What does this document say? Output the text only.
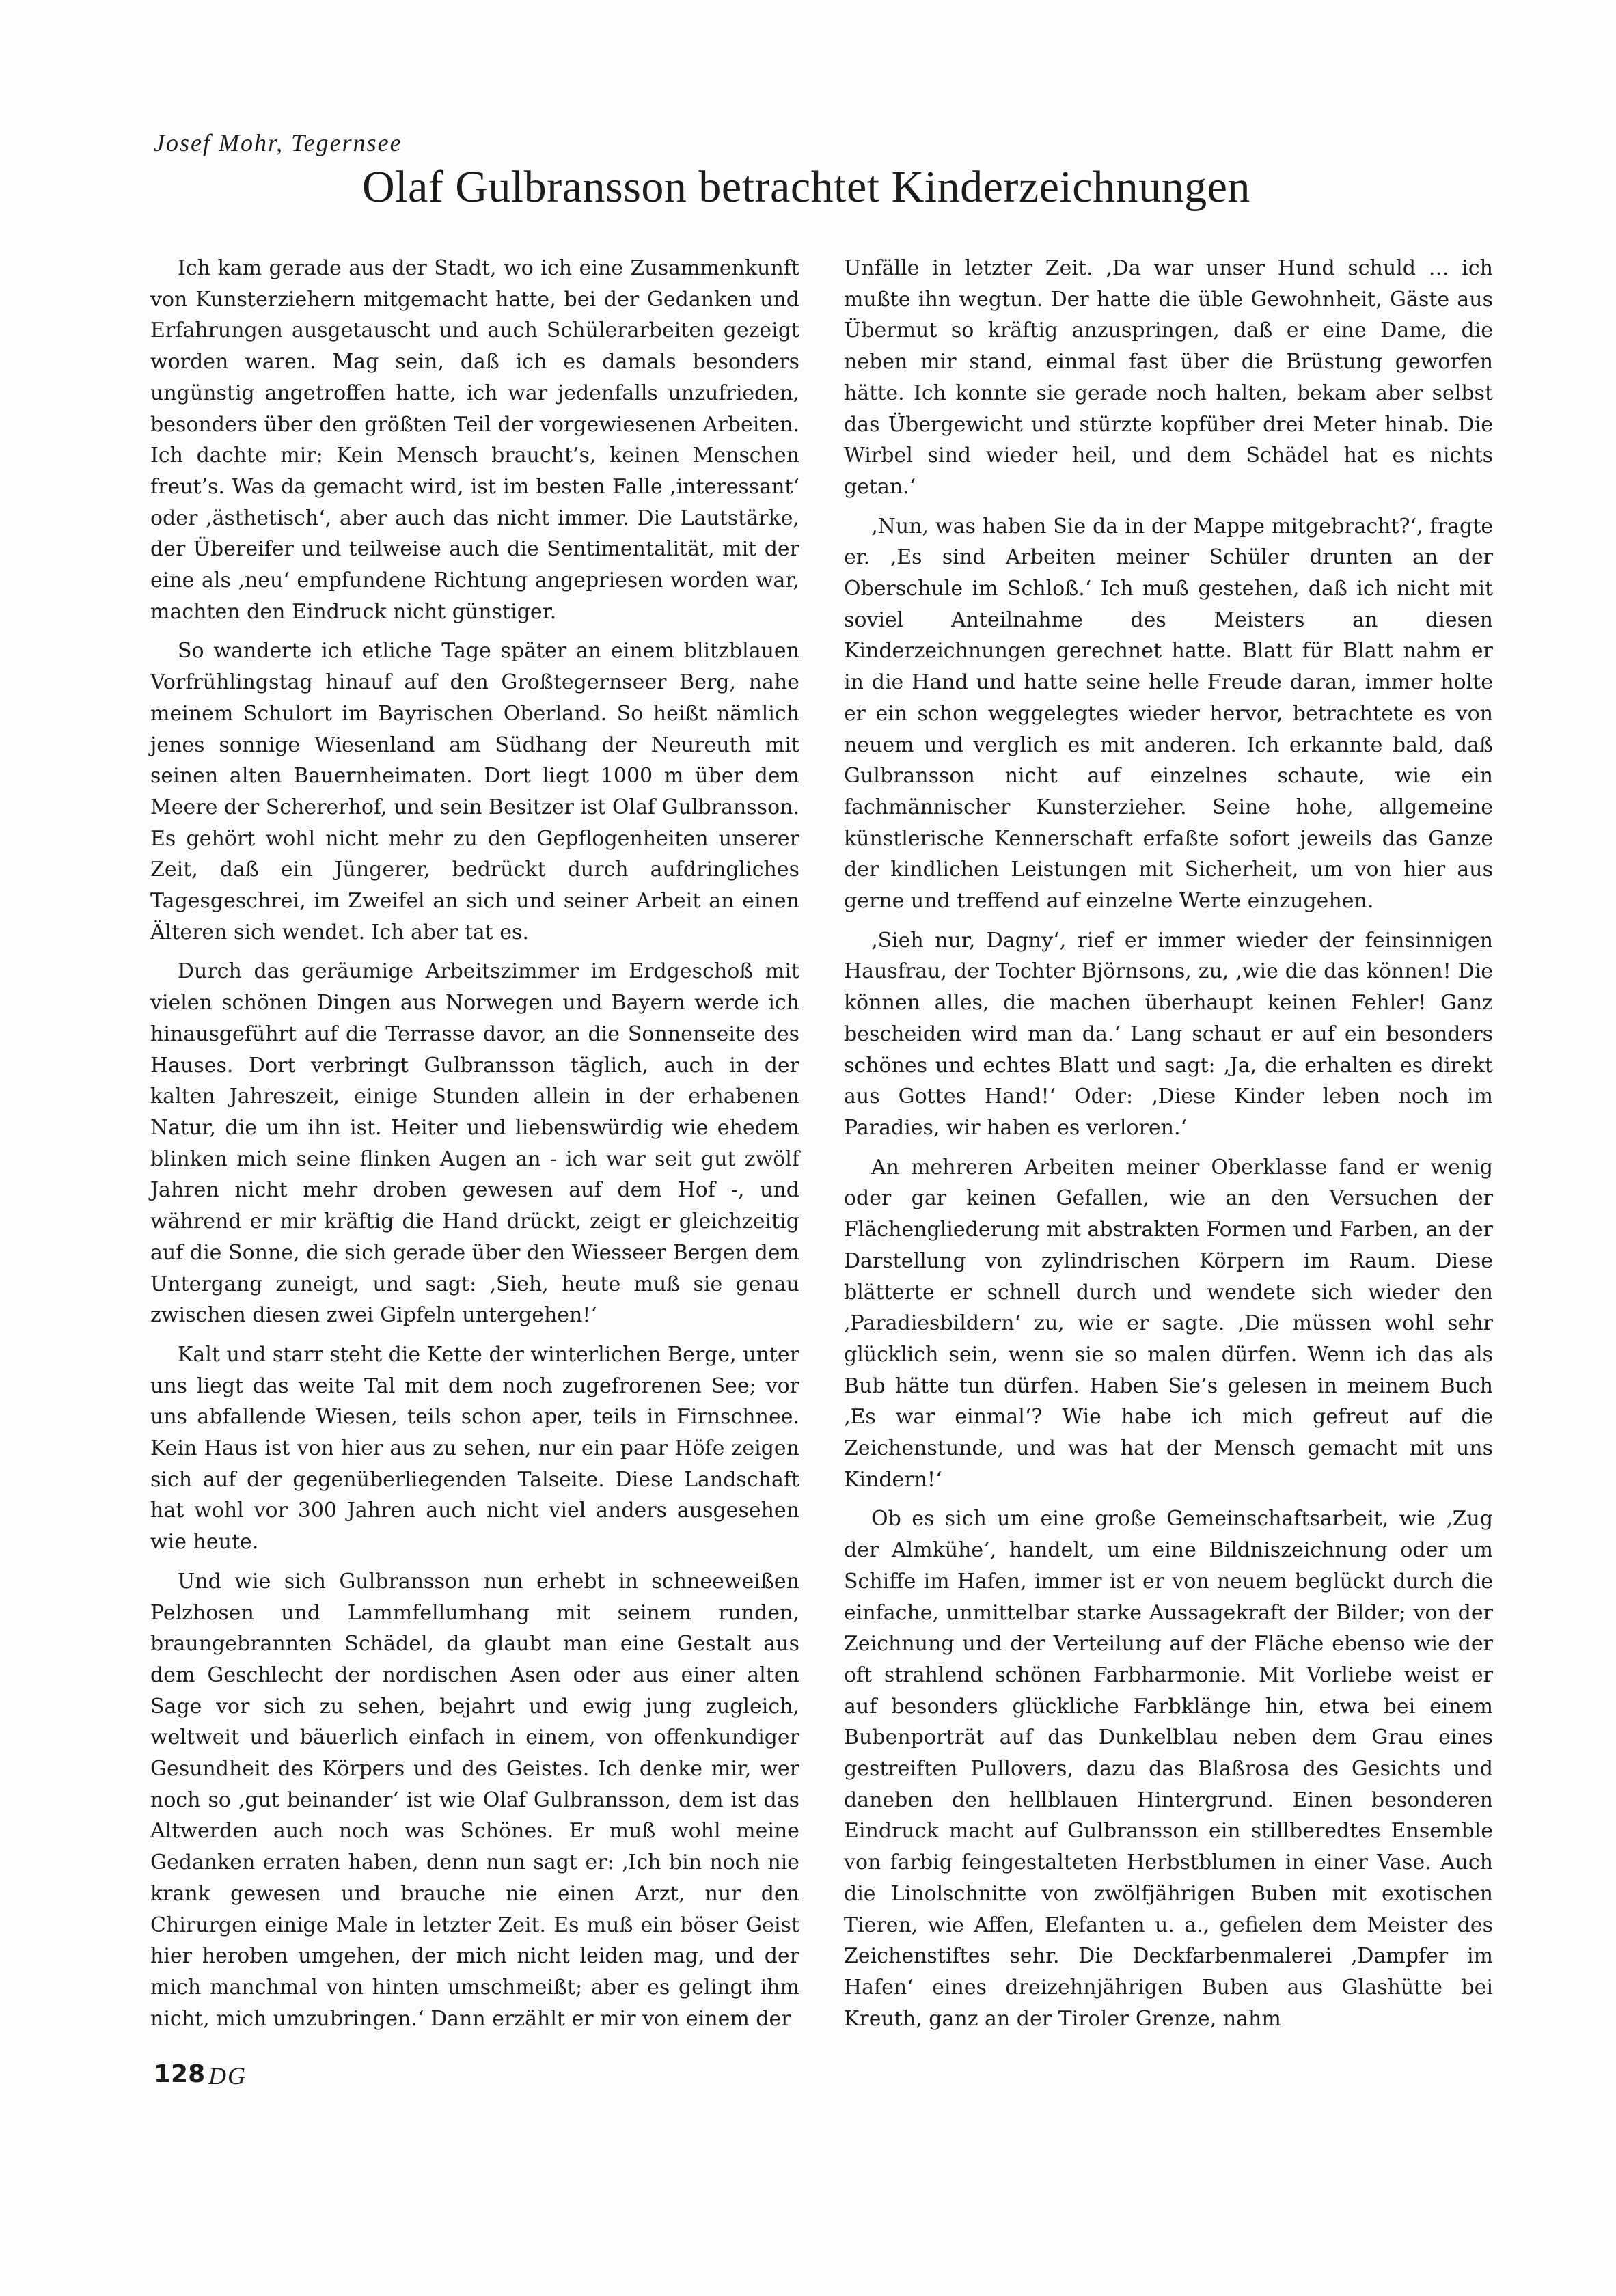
Josef Mohr, Tegernsee
Olaf Gulbransson betrachtet Kinderzeichnungen

Ich kam gerade aus der Stadt, wo ich eine Zusammenkunft von Kunsterziehern mitgemacht hatte, bei der Gedanken und Erfahrungen ausgetauscht und auch Schülerarbeiten gezeigt worden waren. Mag sein, daß ich es damals besonders ungünstig angetroffen hatte, ich war jedenfalls unzufrieden, besonders über den größten Teil der vorgewiesenen Arbeiten. Ich dachte mir: Kein Mensch braucht’s, keinen Menschen freut’s. Was da gemacht wird, ist im besten Falle ‚interessant‘ oder ‚ästhetisch‘, aber auch das nicht immer. Die Lautstärke, der Übereifer und teilweise auch die Sentimentalität, mit der eine als ‚neu‘ empfundene Richtung angepriesen worden war, machten den Eindruck nicht günstiger.

So wanderte ich etliche Tage später an einem blitzblauen Vorfrühlingstag hinauf auf den Großtegernseer Berg, nahe meinem Schulort im Bayrischen Oberland. So heißt nämlich jenes sonnige Wiesenland am Südhang der Neureuth mit seinen alten Bauernheimaten. Dort liegt 1000 m über dem Meere der Schererhof, und sein Besitzer ist Olaf Gulbransson. Es gehört wohl nicht mehr zu den Gepflogenheiten unserer Zeit, daß ein Jüngerer, bedrückt durch aufdringliches Tagesgeschrei, im Zweifel an sich und seiner Arbeit an einen Älteren sich wendet. Ich aber tat es.

Durch das geräumige Arbeitszimmer im Erdgeschoß mit vielen schönen Dingen aus Norwegen und Bayern werde ich hinausgeführt auf die Terrasse davor, an die Sonnenseite des Hauses. Dort verbringt Gulbransson täglich, auch in der kalten Jahreszeit, einige Stunden allein in der erhabenen Natur, die um ihn ist. Heiter und liebenswürdig wie ehedem blinken mich seine flinken Augen an - ich war seit gut zwölf Jahren nicht mehr droben gewesen auf dem Hof -, und während er mir kräftig die Hand drückt, zeigt er gleichzeitig auf die Sonne, die sich gerade über den Wiesseer Bergen dem Untergang zuneigt, und sagt: ‚Sieh, heute muß sie genau zwischen diesen zwei Gipfeln untergehen!‘

Kalt und starr steht die Kette der winterlichen Berge, unter uns liegt das weite Tal mit dem noch zugefrorenen See; vor uns abfallende Wiesen, teils schon aper, teils in Firnschnee. Kein Haus ist von hier aus zu sehen, nur ein paar Höfe zeigen sich auf der gegenüberliegenden Talseite. Diese Landschaft hat wohl vor 300 Jahren auch nicht viel anders ausgesehen wie heute.

Und wie sich Gulbransson nun erhebt in schneeweißen Pelzhosen und Lammfellumhang mit seinem runden, braungebrannten Schädel, da glaubt man eine Gestalt aus dem Geschlecht der nordischen Asen oder aus einer alten Sage vor sich zu sehen, bejahrt und ewig jung zugleich, weltweit und bäuerlich einfach in einem, von offenkundiger Gesundheit des Körpers und des Geistes. Ich denke mir, wer noch so ‚gut beinander‘ ist wie Olaf Gulbransson, dem ist das Altwerden auch noch was Schönes. Er muß wohl meine Gedanken erraten haben, denn nun sagt er: ‚Ich bin noch nie krank gewesen und brauche nie einen Arzt, nur den Chirurgen einige Male in letzter Zeit. Es muß ein böser Geist hier heroben umgehen, der mich nicht leiden mag, und der mich manchmal von hinten umschmeißt; aber es gelingt ihm nicht, mich umzubringen.‘ Dann erzählt er mir von einem der

Unfälle in letzter Zeit. ‚Da war unser Hund schuld … ich mußte ihn wegtun. Der hatte die üble Gewohnheit, Gäste aus Übermut so kräftig anzuspringen, daß er eine Dame, die neben mir stand, einmal fast über die Brüstung geworfen hätte. Ich konnte sie gerade noch halten, bekam aber selbst das Übergewicht und stürzte kopfüber drei Meter hinab. Die Wirbel sind wieder heil, und dem Schädel hat es nichts getan.‘

‚Nun, was haben Sie da in der Mappe mitgebracht?‘, fragte er. ‚Es sind Arbeiten meiner Schüler drunten an der Oberschule im Schloß.‘ Ich muß gestehen, daß ich nicht mit soviel Anteilnahme des Meisters an diesen Kinderzeichnungen gerechnet hatte. Blatt für Blatt nahm er in die Hand und hatte seine helle Freude daran, immer holte er ein schon weggelegtes wieder hervor, betrachtete es von neuem und verglich es mit anderen. Ich erkannte bald, daß Gulbransson nicht auf einzelnes schaute, wie ein fachmännischer Kunsterzieher. Seine hohe, allgemeine künstlerische Kennerschaft erfaßte sofort jeweils das Ganze der kindlichen Leistungen mit Sicherheit, um von hier aus gerne und treffend auf einzelne Werte einzugehen.

‚Sieh nur, Dagny‘, rief er immer wieder der feinsinnigen Hausfrau, der Tochter Björnsons, zu, ‚wie die das können! Die können alles, die machen überhaupt keinen Fehler! Ganz bescheiden wird man da.‘ Lang schaut er auf ein besonders schönes und echtes Blatt und sagt: ‚Ja, die erhalten es direkt aus Gottes Hand!‘ Oder: ‚Diese Kinder leben noch im Paradies, wir haben es verloren.‘

An mehreren Arbeiten meiner Oberklasse fand er wenig oder gar keinen Gefallen, wie an den Versuchen der Flächengliederung mit abstrakten Formen und Farben, an der Darstellung von zylindrischen Körpern im Raum. Diese blätterte er schnell durch und wendete sich wieder den ‚Paradiesbildern‘ zu, wie er sagte. ‚Die müssen wohl sehr glücklich sein, wenn sie so malen dürfen. Wenn ich das als Bub hätte tun dürfen. Haben Sie’s gelesen in meinem Buch ‚Es war einmal‘? Wie habe ich mich gefreut auf die Zeichenstunde, und was hat der Mensch gemacht mit uns Kindern!‘

Ob es sich um eine große Gemeinschaftsarbeit, wie ‚Zug der Almkühe‘, handelt, um eine Bildniszeichnung oder um Schiffe im Hafen, immer ist er von neuem beglückt durch die einfache, unmittelbar starke Aussagekraft der Bilder; von der Zeichnung und der Verteilung auf der Fläche ebenso wie der oft strahlend schönen Farbharmonie. Mit Vorliebe weist er auf besonders glückliche Farbklänge hin, etwa bei einem Bubenporträt auf das Dunkelblau neben dem Grau eines gestreiften Pullovers, dazu das Blaßrosa des Gesichts und daneben den hellblauen Hintergrund. Einen besonderen Eindruck macht auf Gulbransson ein stillberedtes Ensemble von farbig feingestalteten Herbstblumen in einer Vase. Auch die Linolschnitte von zwölfjährigen Buben mit exotischen Tieren, wie Affen, Elefanten u. a., gefielen dem Meister des Zeichenstiftes sehr. Die Deckfarbenmalerei ‚Dampfer im Hafen‘ eines dreizehnjährigen Buben aus Glashütte bei Kreuth, ganz an der Tiroler Grenze, nahm

128 DG
